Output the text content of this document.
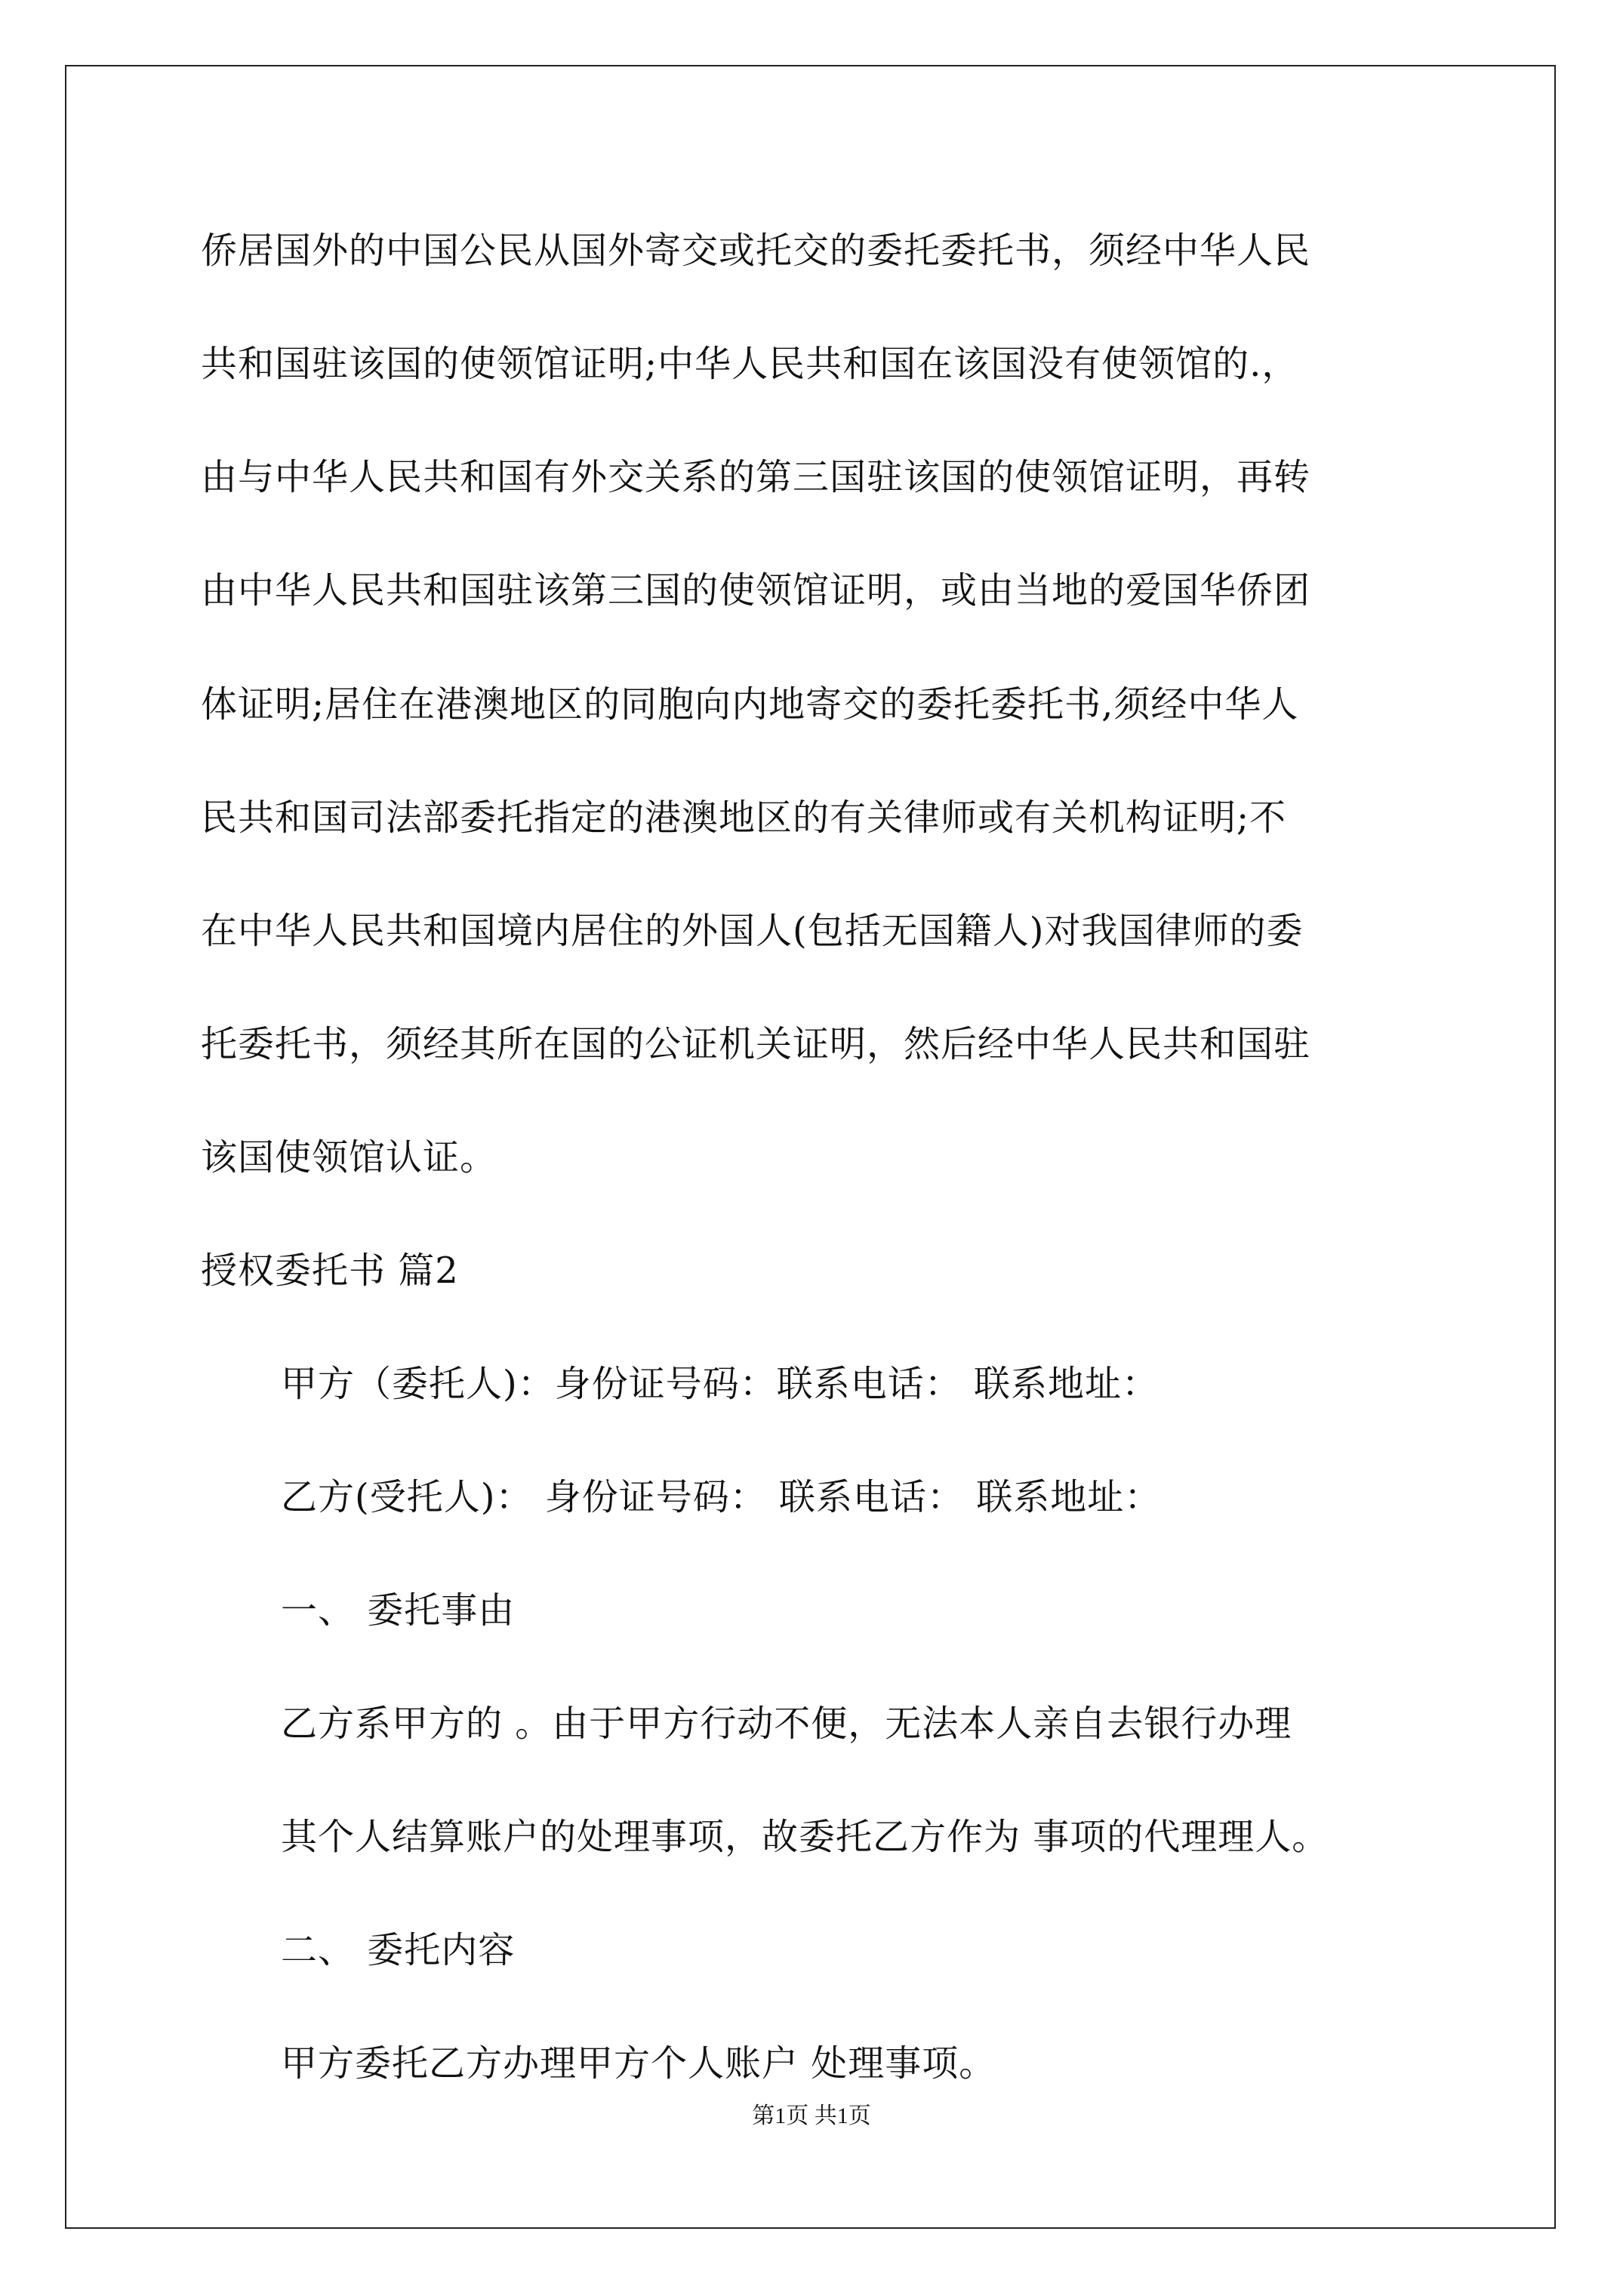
侨居国外的中国公民从国外寄交或托交的委托委托书，须经中华人民
共和国驻该国的使领馆证明;中华人民共和国在该国没有使领馆的.，
由与中华人民共和国有外交关系的第三国驻该国的使领馆证明，再转
由中华人民共和国驻该第三国的使领馆证明，或由当地的爱国华侨团
体证明;居住在港澳地区的同胞向内地寄交的委托委托书,须经中华人
民共和国司法部委托指定的港澳地区的有关律师或有关机构证明;不
在中华人民共和国境内居住的外国人(包括无国籍人)对我国律师的委
托委托书，须经其所在国的公证机关证明，然后经中华人民共和国驻
该国使领馆认证。
授权委托书 篇2
甲方（委托人)：身份证号码：联系电话： 联系地址：
乙方(受托人)： 身份证号码： 联系电话： 联系地址：
一、 委托事由
乙方系甲方的 。由于甲方行动不便，无法本人亲自去银行办理
其个人结算账户的处理事项，故委托乙方作为 事项的代理理人。
二、 委托内容
甲方委托乙方办理甲方个人账户 处理事项。
第1页 共1页
